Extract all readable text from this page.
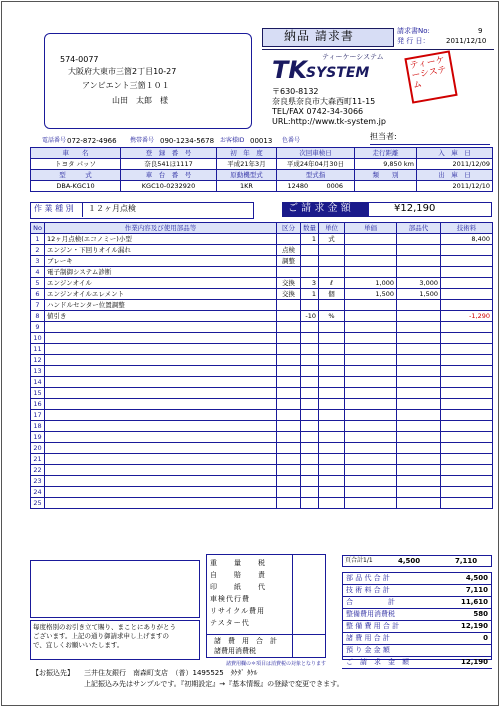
納品 請求書	請求書No:	9
発 行 日： 2011/12/10
574-0077
大阪府大東市三箇2丁目10-27
アンビエント三箇１０１
山田　太郎　様
ティーケーシステム
TK SYSTEM
ティーケーシステム
〒630-8132
奈良県奈良市大森西町11-15
TEL/FAX 0742-34-3066
URL:http://www.tk-system.jp
電話番号 072-872-4966 携帯番号 090-1234-5678 お客様ID 00013 色番号	担当者:
車　　名	登　録　番　号	初　年　度	次回車検日	走行距離	入　庫　日
トヨタ パッソ	奈良541ほ1117	平成21年3月	平成24年04月30日	9,850 km	2011/12/09
型　　　式	車　台　番　号	原動機型式	型式指	類　　別	出　庫　日
DBA-KGC10	KGC10-0232920	1KR	12480 0006		2011/12/10
作 業 種 別 １２ヶ月点検	ご 請 求 金 額	¥12,190
No	作業内容及び使用部品等	区分	数量	単位	単価	部品代	技術料
1	12ヶ月点検(エコノミー)小型		1	式			8,400
2	エンジン・下回りオイル漏れ	点検					
3	ブレーキ	調整					
4	電子制御システム診断						
5	エンジンオイル	交換	3	ℓ	1,000	3,000	
6	エンジンオイルエレメント	交換	1	個	1,500	1,500	
7	ハンドルセンター位置調整						
8	値引き		-10	%			-1,290
9							
10							
11							
12							
13							
14							
15							
16							
17							
18							
19							
20							
21							
22							
23							
24							
25							
重　　量　　税
自　　賠　　責
印　　紙　　代
車検代行費
リサイクル費用
テスター代
諸　費　用　合　計
諸費用消費税
頁合計1/1	4,500	7,110
部 品 代 合 計	4,500
技 術 料 合 計	7,110
合　　　　　計	11,610
整備費用消費税	580
整 備 費 用 合 計	12,190
諸 費 用 合 計	0
預 り 金 金 額
ご　請　求　金　額	12,190
毎度格別のお引き立て賜り、まことにありがとう
ございます。上記の通り御請求申し上げますの
で、宜しくお願いいたします。
諸費用欄の＊項目は消費税の対象となります
【お振込先】 三井住友銀行　南森町支店　（普）1495525　ﾀｹﾀﾞ ﾀｹﾙ
上記振込み先はサンプルです。『初期設定』→『基本情報』の登録で変更できます。
